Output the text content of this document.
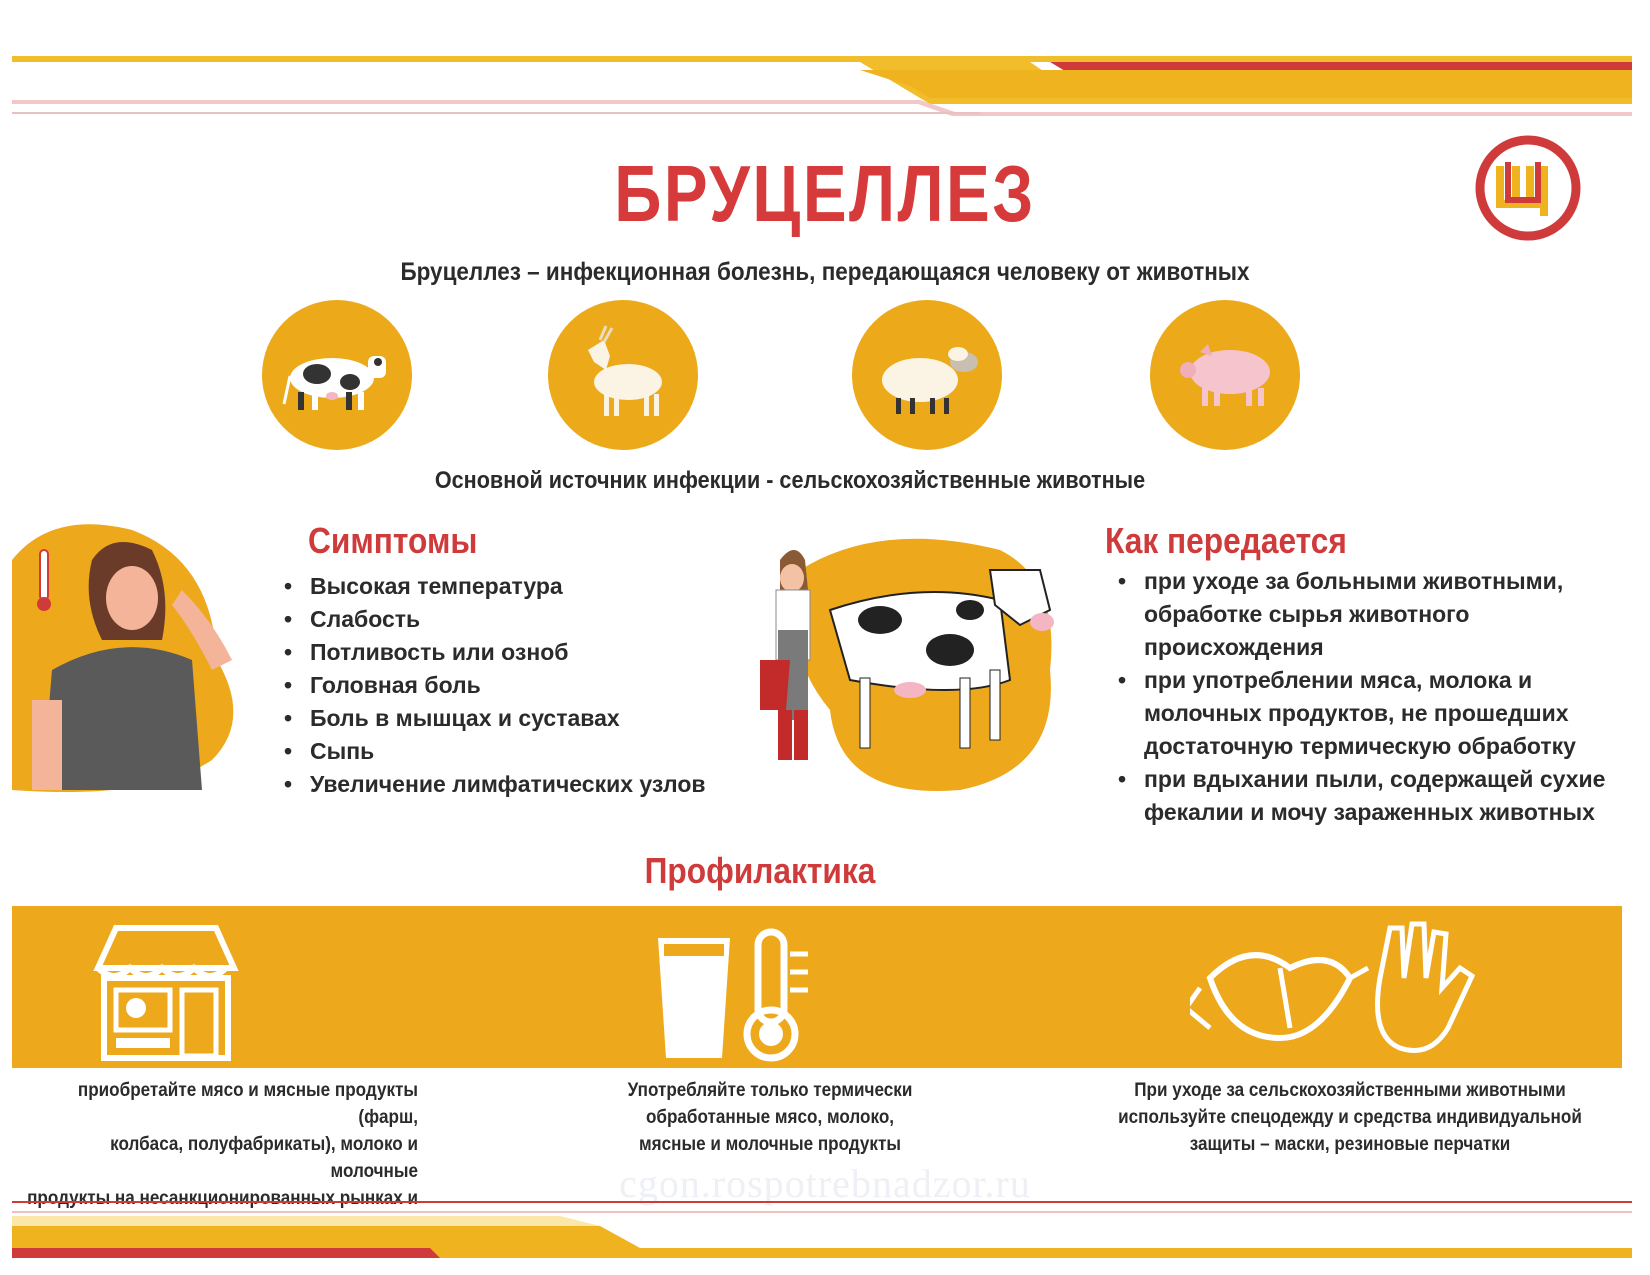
БРУЦЕЛЛЕЗ
Бруцеллез – инфекционная болезнь, передающаяся человеку от животных
Основной источник инфекции - сельскохозяйственные животные
Симптомы
• Высокая температура
• Слабость
• Потливость или озноб
• Головная боль
• Боль в мышцах и суставах
• Сыпь
• Увеличение лимфатических узлов
Как передается
• при уходе за больными животными, обработке сырья животного происхождения
• при употреблении мяса, молока и молочных продуктов, не прошедших достаточную термическую обработку
• при вдыхании пыли, содержащей сухие фекалии и мочу зараженных животных
Профилактика
приобретайте мясо и мясные продукты (фарш,
колбаса, полуфабрикаты), молоко и молочные
продукты на несанкционированных рынках и
Употребляйте только термически
обработанные мясо, молоко,
мясные и молочные продукты
При уходе за сельскохозяйственными животными
используйте спецодежду и средства индивидуальной
защиты – маски, резиновые перчатки
cgon.rospotrebnadzor.ru
